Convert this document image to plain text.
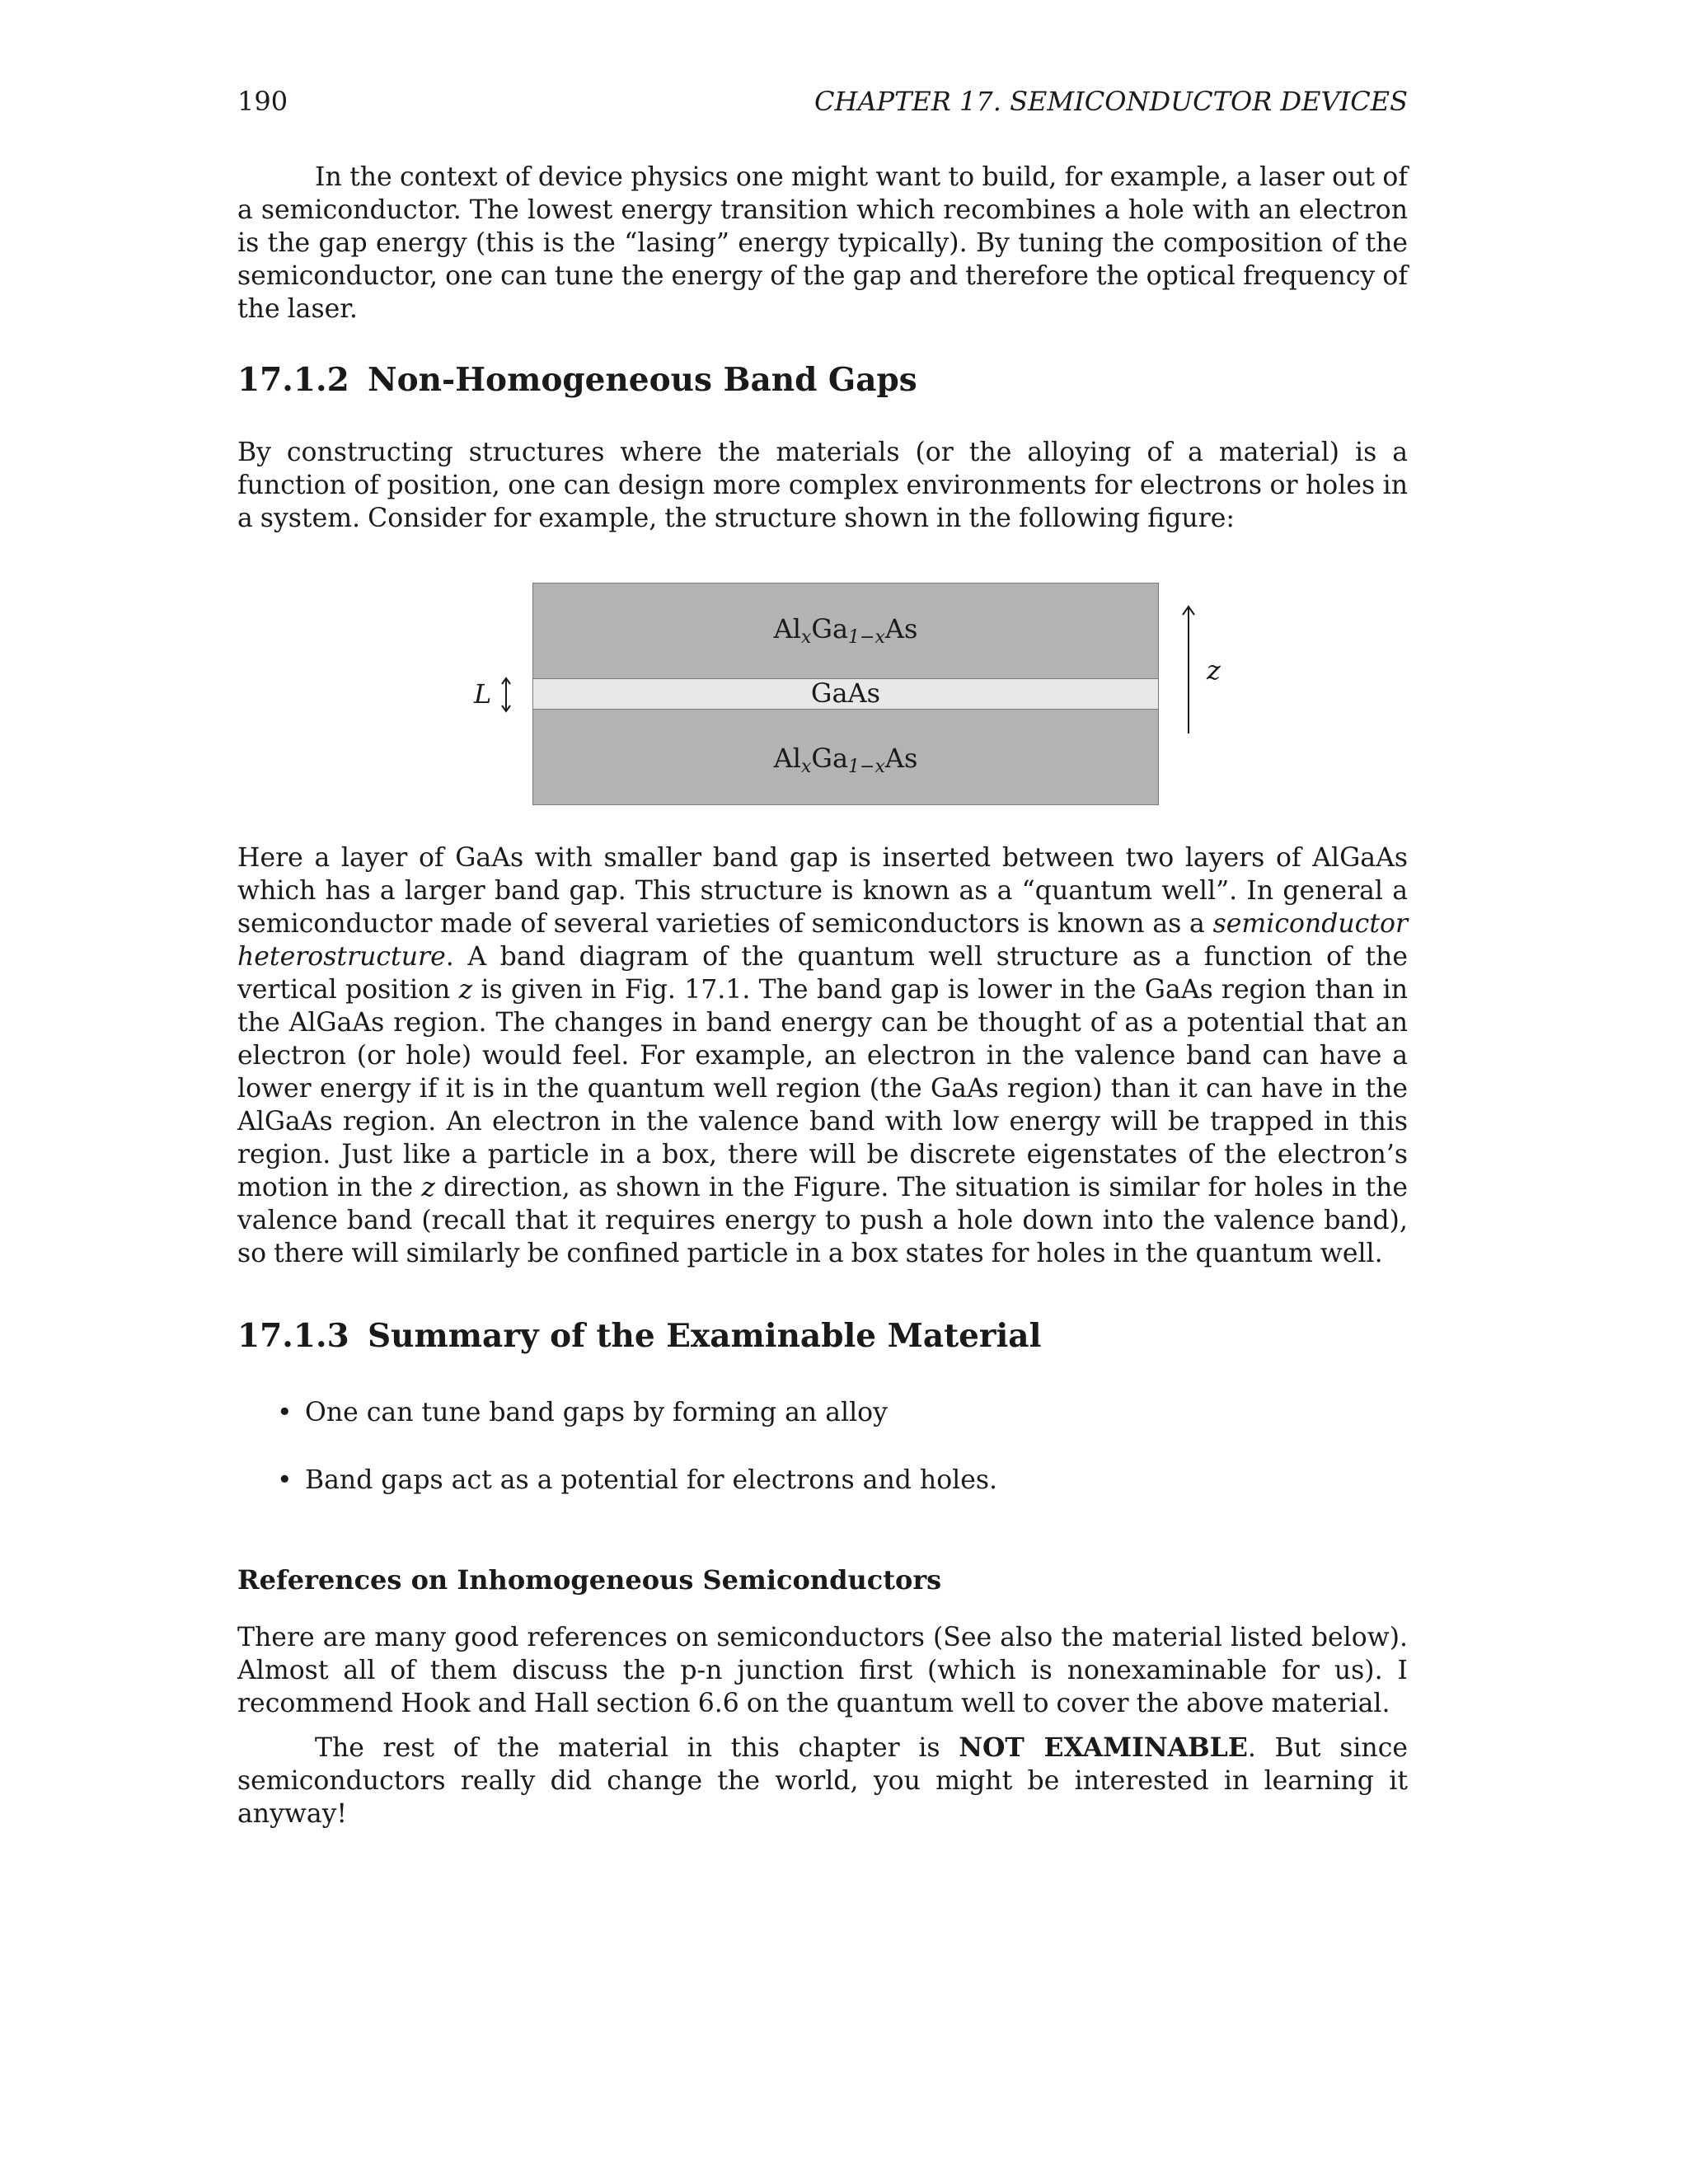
190	CHAPTER 17. SEMICONDUCTOR DEVICES

In the context of device physics one might want to build, for example, a laser out of a semiconductor. The lowest energy transition which recombines a hole with an electron is the gap energy (this is the “lasing” energy typically). By tuning the composition of the semiconductor, one can tune the energy of the gap and therefore the optical frequency of the laser.

17.1.2 Non-Homogeneous Band Gaps

By constructing structures where the materials (or the alloying of a material) is a function of position, one can design more complex environments for electrons or holes in a system. Consider for example, the structure shown in the following figure:

$Al_xGa_{1-x}As$
GaAs
$Al_xGa_{1-x}As$
L
z

Here a layer of GaAs with smaller band gap is inserted between two layers of AlGaAs which has a larger band gap. This structure is known as a “quantum well”. In general a semiconductor made of several varieties of semiconductors is known as a semiconductor heterostructure. A band diagram of the quantum well structure as a function of the vertical position z is given in Fig. 17.1. The band gap is lower in the GaAs region than in the AlGaAs region. The changes in band energy can be thought of as a potential that an electron (or hole) would feel. For example, an electron in the valence band can have a lower energy if it is in the quantum well region (the GaAs region) than it can have in the AlGaAs region. An electron in the valence band with low energy will be trapped in this region. Just like a particle in a box, there will be discrete eigenstates of the electron’s motion in the z direction, as shown in the Figure. The situation is similar for holes in the valence band (recall that it requires energy to push a hole down into the valence band), so there will similarly be confined particle in a box states for holes in the quantum well.

17.1.3 Summary of the Examinable Material
• One can tune band gaps by forming an alloy
• Band gaps act as a potential for electrons and holes.
References on Inhomogeneous Semiconductors

There are many good references on semiconductors (See also the material listed below). Almost all of them discuss the p-n junction first (which is nonexaminable for us). I recommend Hook and Hall section 6.6 on the quantum well to cover the above material.

The rest of the material in this chapter is NOT EXAMINABLE. But since semiconductors really did change the world, you might be interested in learning it anyway!
